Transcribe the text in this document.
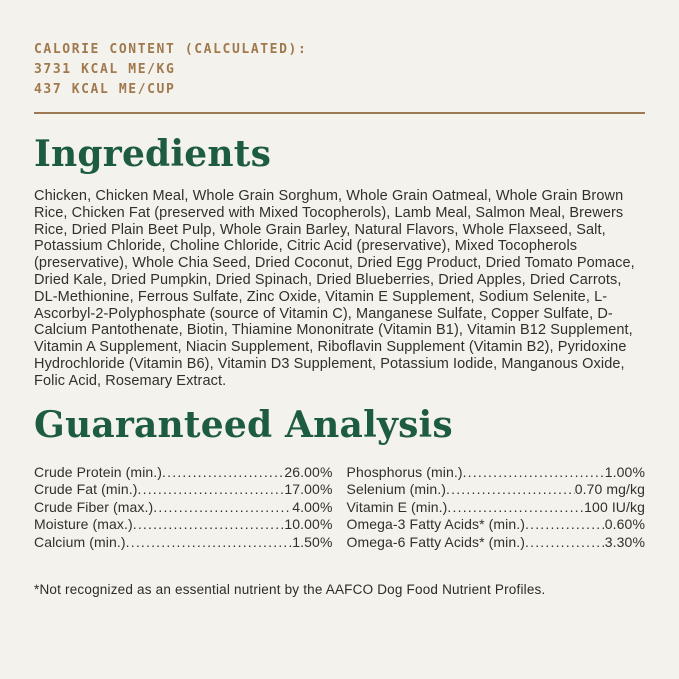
CALORIE CONTENT (CALCULATED):
3731 KCAL ME/KG
437 KCAL ME/CUP
Ingredients

Chicken, Chicken Meal, Whole Grain Sorghum, Whole Grain Oatmeal, Whole Grain Brown Rice, Chicken Fat (preserved with Mixed Tocopherols), Lamb Meal, Salmon Meal, Brewers Rice, Dried Plain Beet Pulp, Whole Grain Barley, Natural Flavors, Whole Flaxseed, Salt, Potassium Chloride, Choline Chloride, Citric Acid (preservative), Mixed Tocopherols (preservative), Whole Chia Seed, Dried Coconut, Dried Egg Product, Dried Tomato Pomace, Dried Kale, Dried Pumpkin, Dried Spinach, Dried Blueberries, Dried Apples, Dried Carrots, DL-Methionine, Ferrous Sulfate, Zinc Oxide, Vitamin E Supplement, Sodium Selenite, L-Ascorbyl-2-Polyphosphate (source of Vitamin C), Manganese Sulfate, Copper Sulfate, D-Calcium Pantothenate, Biotin, Thiamine Mononitrate (Vitamin B1), Vitamin B12 Supplement, Vitamin A Supplement, Niacin Supplement, Riboflavin Supplement (Vitamin B2), Pyridoxine Hydrochloride (Vitamin B6), Vitamin D3 Supplement, Potassium Iodide, Manganous Oxide, Folic Acid, Rosemary Extract.

Guaranteed Analysis
Crude Protein (min.) .....	26.00%
Crude Fat (min.) .....	17.00%
Crude Fiber (max.) .....	4.00%
Moisture (max.) .....	10.00%
Calcium (min.) .....	1.50%
Phosphorus (min.) .....	1.00%
Selenium (min.) .....	0.70 mg/kg
Vitamin E (min.) .....	100 IU/kg
Omega-3 Fatty Acids* (min.) .....	0.60%
Omega-6 Fatty Acids* (min.) .....	3.30%

*Not recognized as an essential nutrient by the AAFCO Dog Food Nutrient Profiles.
